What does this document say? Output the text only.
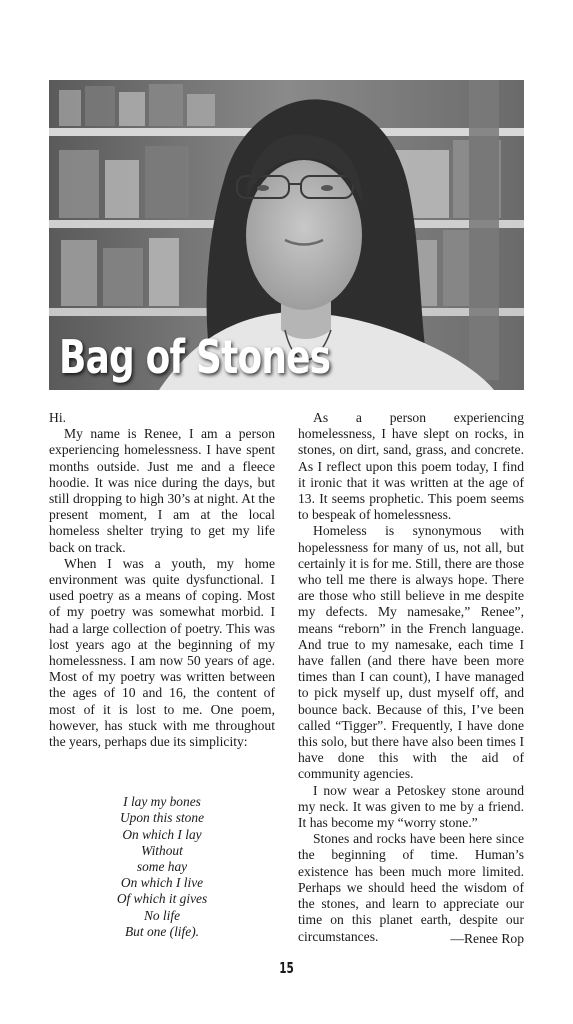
Bag of Stones

Hi.

My name is Renee, I am a person experiencing homelessness. I have spent months outside. Just me and a fleece hoodie. It was nice during the days, but still dropping to high 30’s at night. At the present moment, I am at the local homeless shelter trying to get my life back on track.

When I was a youth, my home environment was quite dysfunctional. I used poetry as a means of coping. Most of my poetry was somewhat morbid. I had a large collection of poetry. This was lost years ago at the beginning of my homelessness. I am now 50 years of age. Most of my poetry was written between the ages of 10 and 16, the content of most of it is lost to me. One poem, however, has stuck with me throughout the years, perhaps due its simplicity:

I lay my bones
Upon this stone
On which I lay
Without
some hay
On which I live
Of which it gives
No life
But one (life).

As a person experiencing homelessness, I have slept on rocks, in stones, on dirt, sand, grass, and concrete. As I reflect upon this poem today, I find it ironic that it was written at the age of 13. It seems prophetic. This poem seems to bespeak of homelessness.

Homeless is synonymous with hopelessness for many of us, not all, but certainly it is for me. Still, there are those who tell me there is always hope. There are those who still believe in me despite my defects. My namesake,” Renee”, means “reborn” in the French language. And true to my namesake, each time I have fallen (and there have been more times than I can count), I have managed to pick myself up, dust myself off, and bounce back. Because of this, I’ve been called “Tigger”. Frequently, I have done this solo, but there have also been times I have done this with the aid of community agencies.

I now wear a Petoskey stone around my neck. It was given to me by a friend. It has become my “worry stone.”

Stones and rocks have been here since the beginning of time. Human’s existence has been much more limited. Perhaps we should heed the wisdom of the stones, and learn to appreciate our time on this planet earth, despite our circumstances.	—Renee Rop
15
